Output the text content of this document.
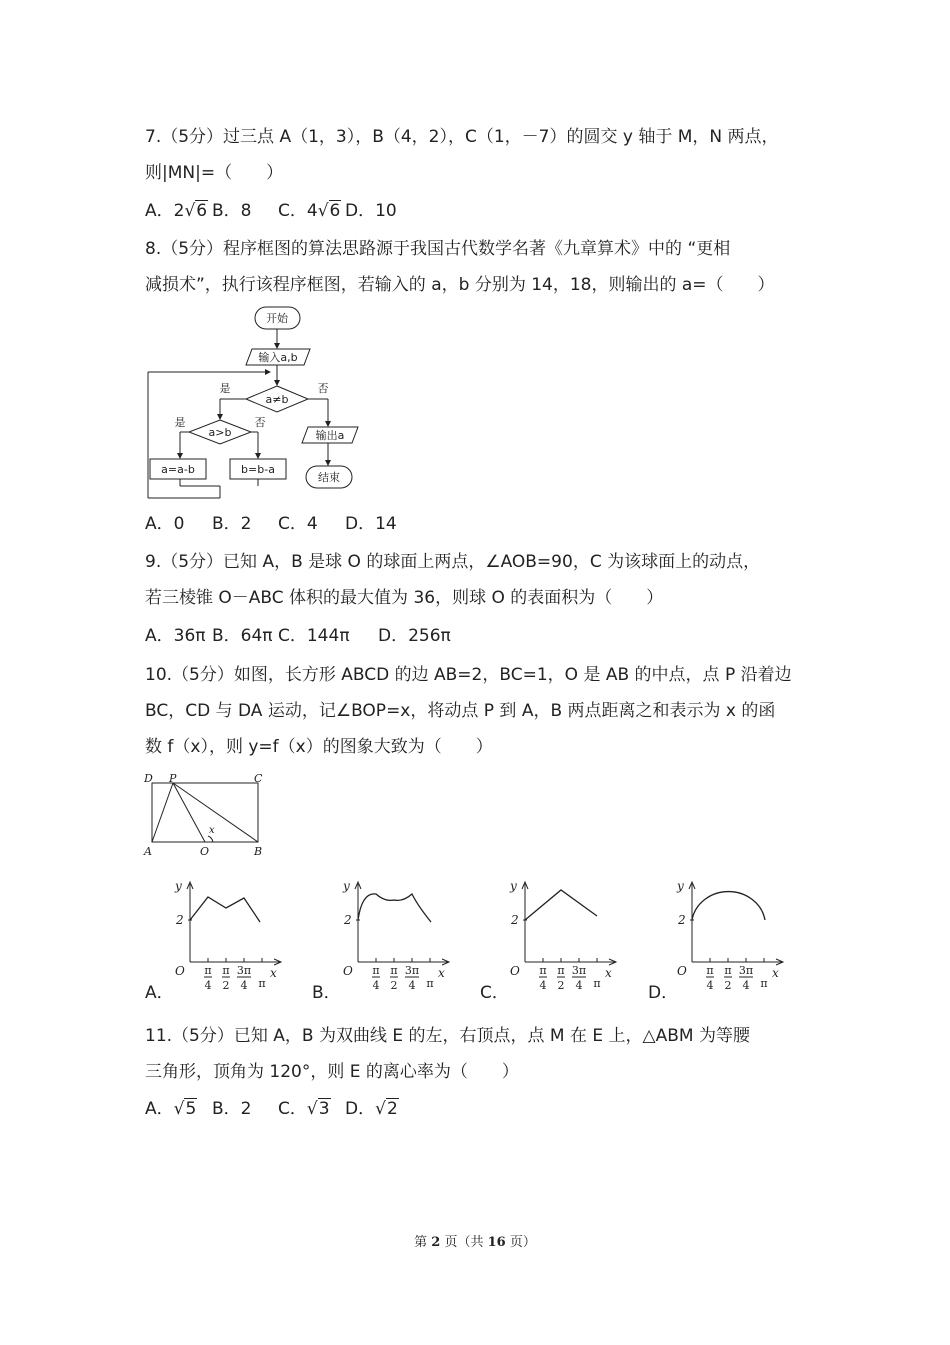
7.（5分）过三点 A（1，3），B（4，2），C（1，－7）的圆交 y 轴于 M，N 两点，
则|MN|=（　　）
A．2√6 B．8 C．4√6 D．10
8.（5分）程序框图的算法思路源于我国古代数学名著《九章算术》中的 “更相
减损术”，执行该程序框图，若输入的 a，b 分别为 14，18，则输出的 a=（　　）
开始
输入a,b
a≠b
是	否
a>b
是	否
a=a-b	b=b-a
输出a
结束
A．0 B．2 C．4 D．14
9.（5分）已知 A，B 是球 O 的球面上两点，∠AOB=90，C 为该球面上的动点，
若三棱锥 O－ABC 体积的最大值为 36，则球 O 的表面积为（　　）
A．36π B．64π C．144π D．256π
10.（5分）如图，长方形 ABCD 的边 AB=2，BC=1，O 是 AB 的中点，点 P 沿着边
BC，CD 与 DA 运动，记∠BOP=x，将动点 P 到 A，B 两点距离之和表示为 x 的函
数 f（x），则 y=f（x）的图象大致为（　　）
D P	C
A	O	B
x
y
2
O	x
π
4
π
2
3π
4 π
y
2
O	x
π
4
π
2
3π
4 π
y
2
O	x
π
4
π
2
3π
4 π
y
2
O	x
π
4
π
2
3π
4 π
A．	B．	C．	D．
11.（5分）已知 A，B 为双曲线 E 的左，右顶点，点 M 在 E 上，△ABM 为等腰
三角形，顶角为 120°，则 E 的离心率为（　　）
A．√5 B．2 C．√3 D．√2
第 2 页（共 16 页）
